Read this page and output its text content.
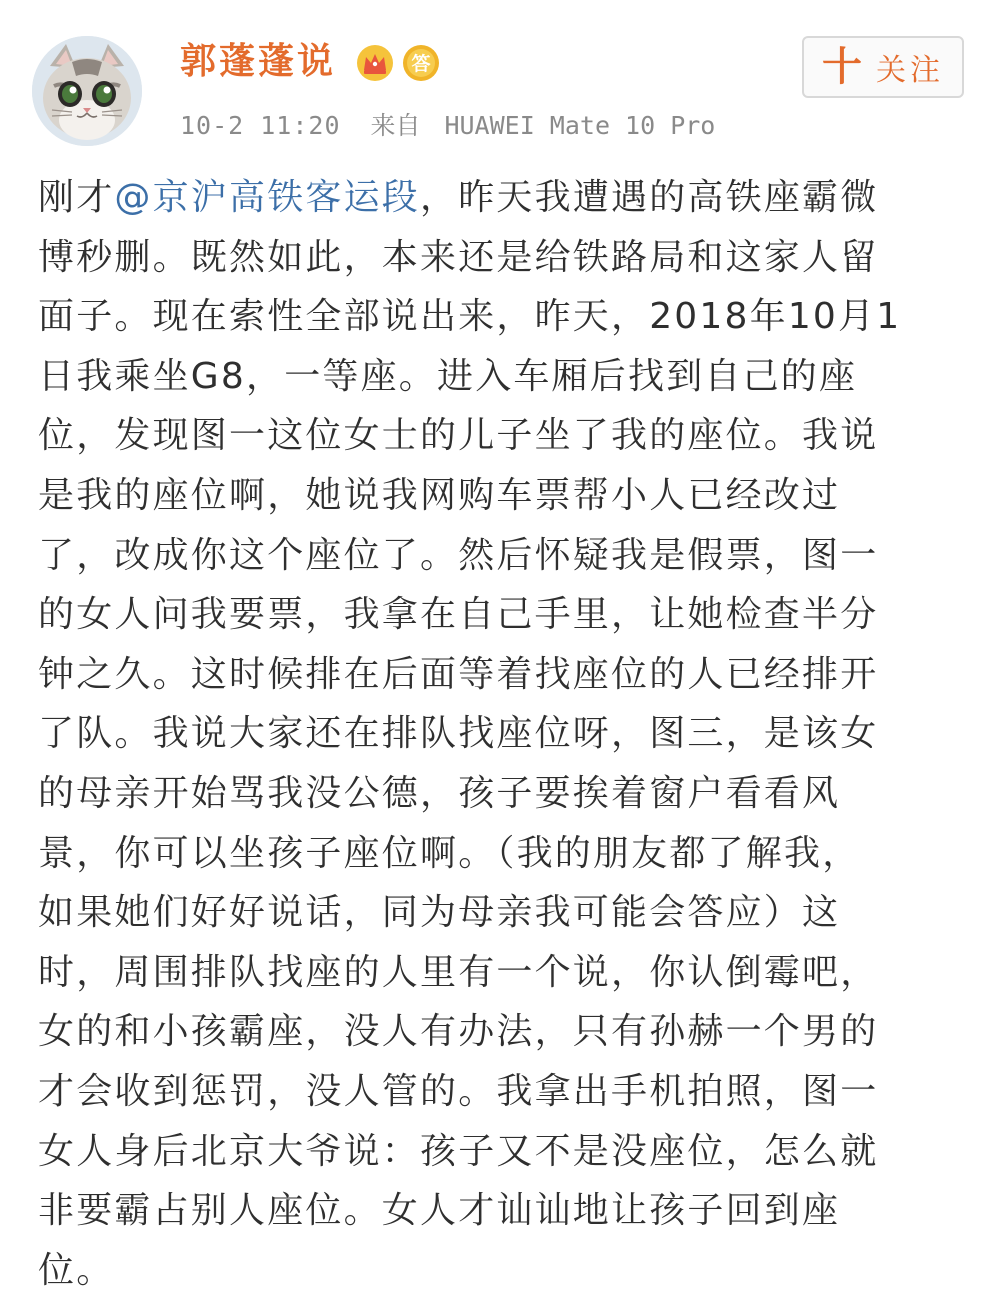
郭蓬蓬说	答	十 关注
10-2 11:20 来自 HUAWEI Mate 10 Pro
刚才@京沪高铁客运段，昨天我遭遇的高铁座霸微
博秒删。既然如此，本来还是给铁路局和这家人留
面子。现在索性全部说出来，昨天，2018年10月1
日我乘坐G8，一等座。进入车厢后找到自己的座
位，发现图一这位女士的儿子坐了我的座位。我说
是我的座位啊，她说我网购车票帮小人已经改过
了，改成你这个座位了。然后怀疑我是假票，图一
的女人问我要票，我拿在自己手里，让她检查半分
钟之久。这时候排在后面等着找座位的人已经排开
了队。我说大家还在排队找座位呀，图三，是该女
的母亲开始骂我没公德，孩子要挨着窗户看看风
景，你可以坐孩子座位啊。（我的朋友都了解我，
如果她们好好说话，同为母亲我可能会答应）这
时，周围排队找座的人里有一个说，你认倒霉吧，
女的和小孩霸座，没人有办法，只有孙赫一个男的
才会收到惩罚，没人管的。我拿出手机拍照，图一
女人身后北京大爷说：孩子又不是没座位，怎么就
非要霸占别人座位。女人才讪讪地让孩子回到座
位。
